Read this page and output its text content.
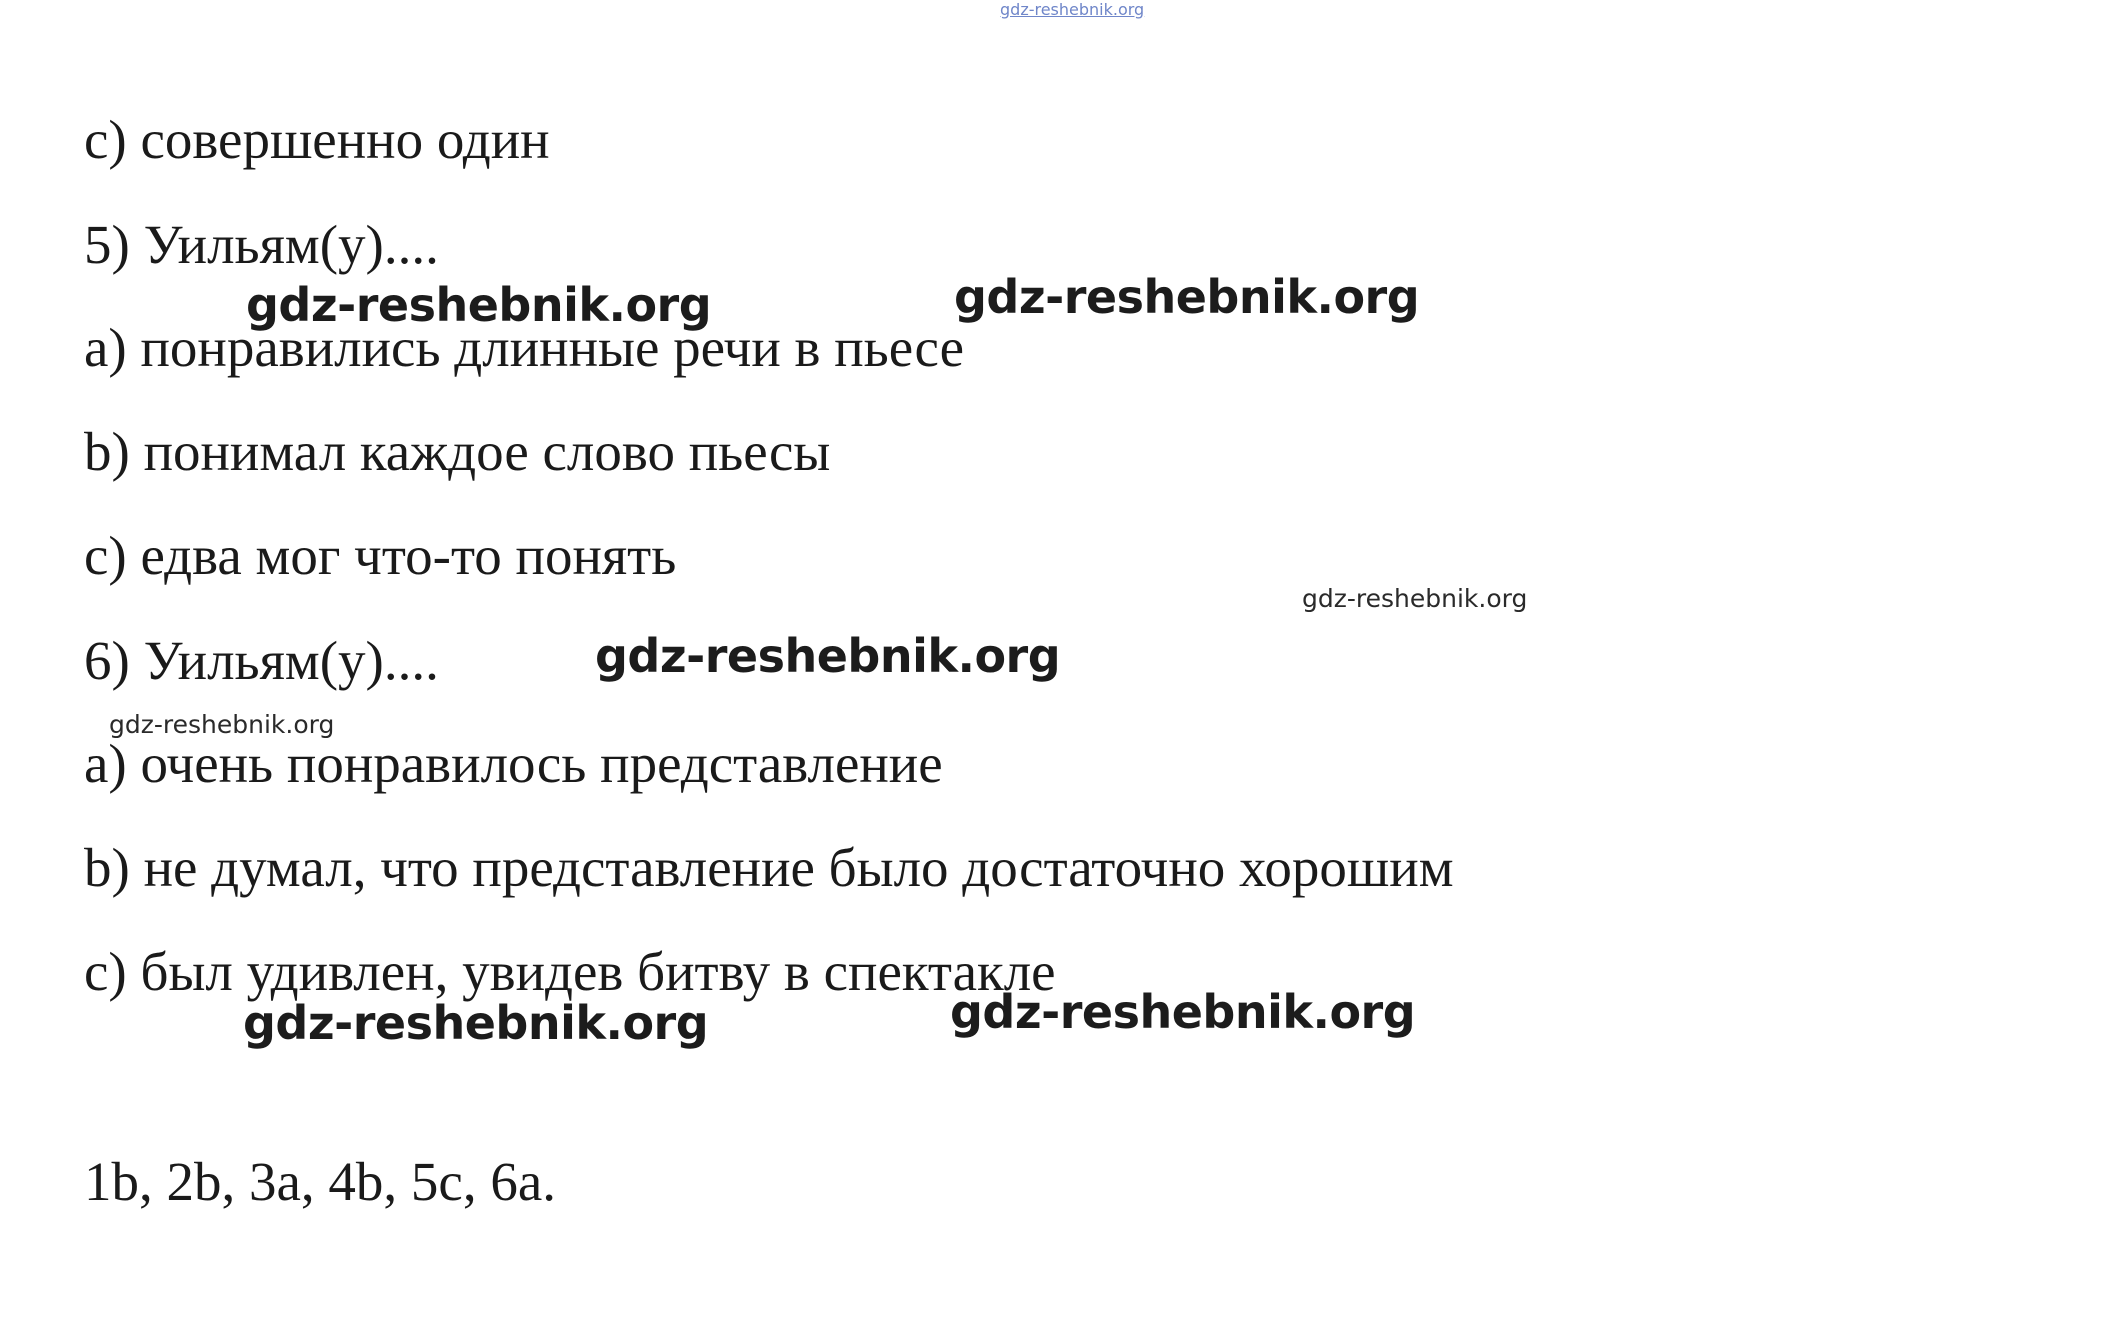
gdz-reshebnik.org

c) совершенно один

5) Уильям(у)....

a) понравились длинные речи в пьесе

b) понимал каждое слово пьесы

c) едва мог что-то понять

6) Уильям(у)....

a) очень понравилось представление

b) не думал, что представление было достаточно хорошим

c) был удивлен, увидев битву в спектакле

1b, 2b, 3a, 4b, 5c, 6a.

gdz-reshebnik.org	gdz-reshebnik.org
gdz-reshebnik.org
gdz-reshebnik.org
gdz-reshebnik.org
gdz-reshebnik.org	gdz-reshebnik.org
